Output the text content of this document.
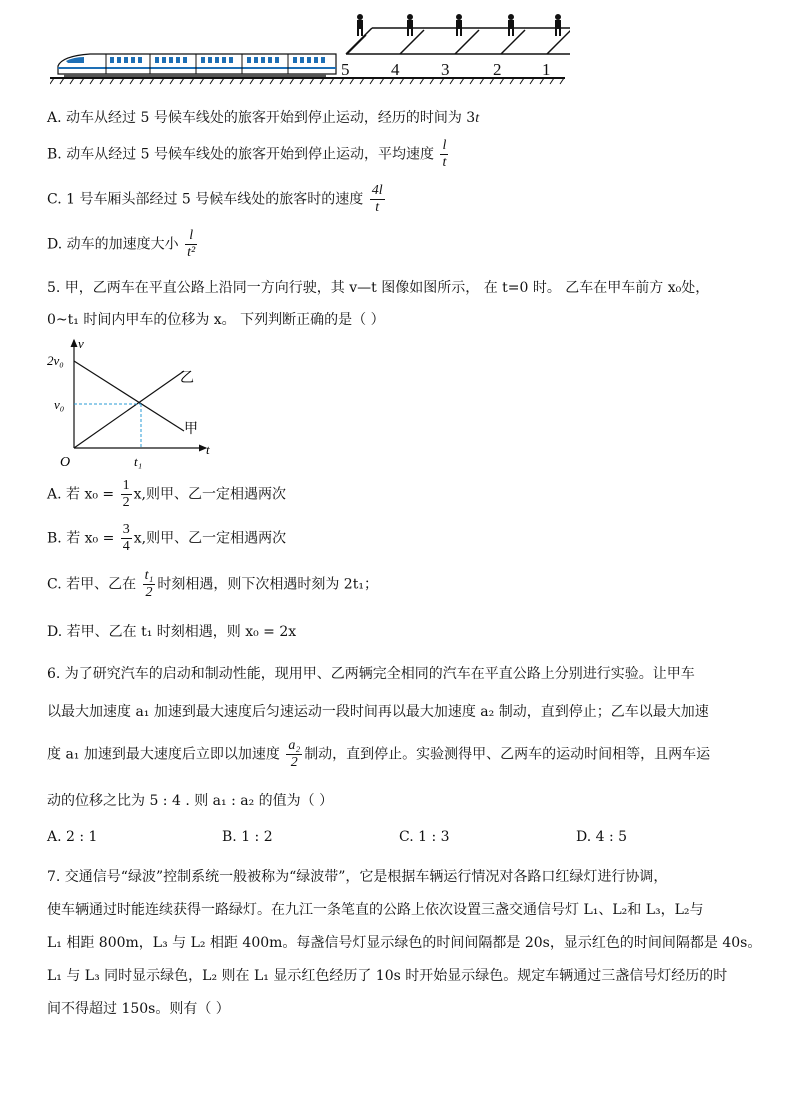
5 4 3	2 1
A. 动车从经过 5 号候车线处的旅客开始到停止运动，经历的时间为 3t
B. 动车从经过 5 号候车线处的旅客开始到停止运动，平均速度 $\frac{l}{t}$
C. 1 号车厢头部经过 5 号候车线处的旅客时的速度 $\frac{4l}{t}$
D. 动车的加速度大小 $\frac{l}{\text{t²}}$
5. 甲，乙两车在平直公路上沿同一方向行驶，其 v—t 图像如图所示， 在 t=0 时。 乙车在甲车前方 x₀处，
0~t₁ 时间内甲车的位移为 x。 下列判断正确的是（ ）
v
t
O
2v₀
v₀
t₁
乙
甲
A. 若 $x_0 = \frac{1}{2} x$,则甲、乙一定相遇两次
B. 若 $x_0 = \frac{3}{4} x$,则甲、乙一定相遇两次
C. 若甲、乙在 $\frac{\text{t₁}}{2}$ 时刻相遇，则下次相遇时刻为 2t₁；
D. 若甲、乙在 t₁ 时刻相遇，则 x₀ = 2x
6. 为了研究汽车的启动和制动性能，现用甲、乙两辆完全相同的汽车在平直公路上分别进行实验。让甲车
以最大加速度 a₁ 加速到最大速度后匀速运动一段时间再以最大加速度 a₂ 制动，直到停止；乙车以最大加速
度 a₁ 加速到最大速度后立即以加速度 $\frac{\text{a₂}}{2}$ 制动，直到停止。实验测得甲、乙两车的运动时间相等，且两车运
动的位移之比为 5 : 4 . 则 a₁ : a₂ 的值为（ ）
A. 2 : 1	B. 1 : 2	C. 1 : 3	D. 4 : 5
7. 交通信号“绿波”控制系统一般被称为“绿波带”，它是根据车辆运行情况对各路口红绿灯进行协调，
使车辆通过时能连续获得一路绿灯。在九江一条笔直的公路上依次设置三盏交通信号灯 L₁、L₂和 L₃，L₂与
L₁ 相距 800m，L₃ 与 L₂ 相距 400m。每盏信号灯显示绿色的时间间隔都是 20s，显示红色的时间间隔都是 40s。
L₁ 与 L₃ 同时显示绿色，L₂ 则在 L₁ 显示红色经历了 10s 时开始显示绿色。规定车辆通过三盏信号灯经历的时
间不得超过 150s。则有（ ）
